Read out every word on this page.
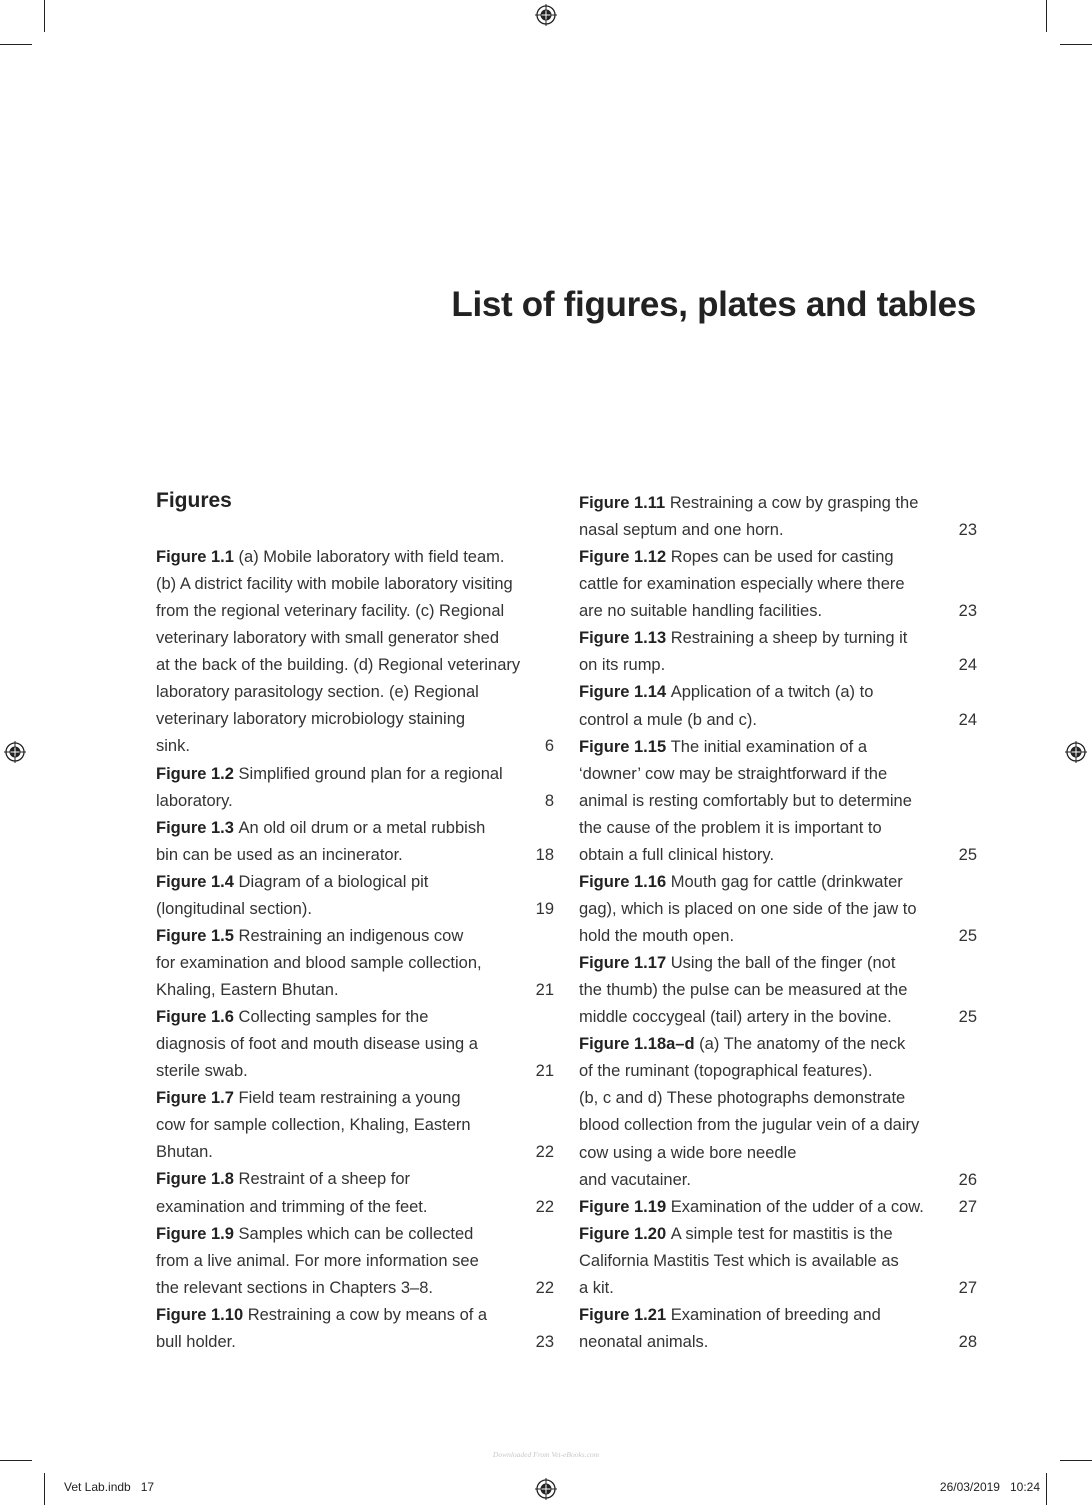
List of figures, plates and tables
Figures
Figure 1.1 (a) Mobile laboratory with field team.
(b) A district facility with mobile laboratory visiting
from the regional veterinary facility. (c) Regional
veterinary laboratory with small generator shed
at the back of the building. (d) Regional veterinary
laboratory parasitology section. (e) Regional
veterinary laboratory microbiology staining
sink.	6
Figure 1.2 Simplified ground plan for a regional
laboratory.	8
Figure 1.3 An old oil drum or a metal rubbish
bin can be used as an incinerator.	18
Figure 1.4 Diagram of a biological pit
(longitudinal section).	19
Figure 1.5 Restraining an indigenous cow
for examination and blood sample collection,
Khaling, Eastern Bhutan.	21
Figure 1.6 Collecting samples for the
diagnosis of foot and mouth disease using a
sterile swab.	21
Figure 1.7 Field team restraining a young
cow for sample collection, Khaling, Eastern
Bhutan.	22
Figure 1.8 Restraint of a sheep for
examination and trimming of the feet.	22
Figure 1.9 Samples which can be collected
from a live animal. For more information see
the relevant sections in Chapters 3–8.	22
Figure 1.10 Restraining a cow by means of a
bull holder.	23
Figure 1.11 Restraining a cow by grasping the
nasal septum and one horn.	23
Figure 1.12 Ropes can be used for casting
cattle for examination especially where there
are no suitable handling facilities.	23
Figure 1.13 Restraining a sheep by turning it
on its rump.	24
Figure 1.14 Application of a twitch (a) to
control a mule (b and c).	24
Figure 1.15 The initial examination of a
‘downer’ cow may be straightforward if the
animal is resting comfortably but to determine
the cause of the problem it is important to
obtain a full clinical history.	25
Figure 1.16 Mouth gag for cattle (drinkwater
gag), which is placed on one side of the jaw to
hold the mouth open.	25
Figure 1.17 Using the ball of the finger (not
the thumb) the pulse can be measured at the
middle coccygeal (tail) artery in the bovine.	25
Figure 1.18a–d (a) The anatomy of the neck
of the ruminant (topographical features).
(b, c and d) These photographs demonstrate
blood collection from the jugular vein of a dairy
cow using a wide bore needle
and vacutainer.	26
Figure 1.19 Examination of the udder of a cow. 27
Figure 1.20 A simple test for mastitis is the
California Mastitis Test which is available as
a kit.	27
Figure 1.21 Examination of breeding and
neonatal animals.	28
Downloaded From Vet-eBooks.com
Vet Lab.indb   17	26/03/2019   10:24
